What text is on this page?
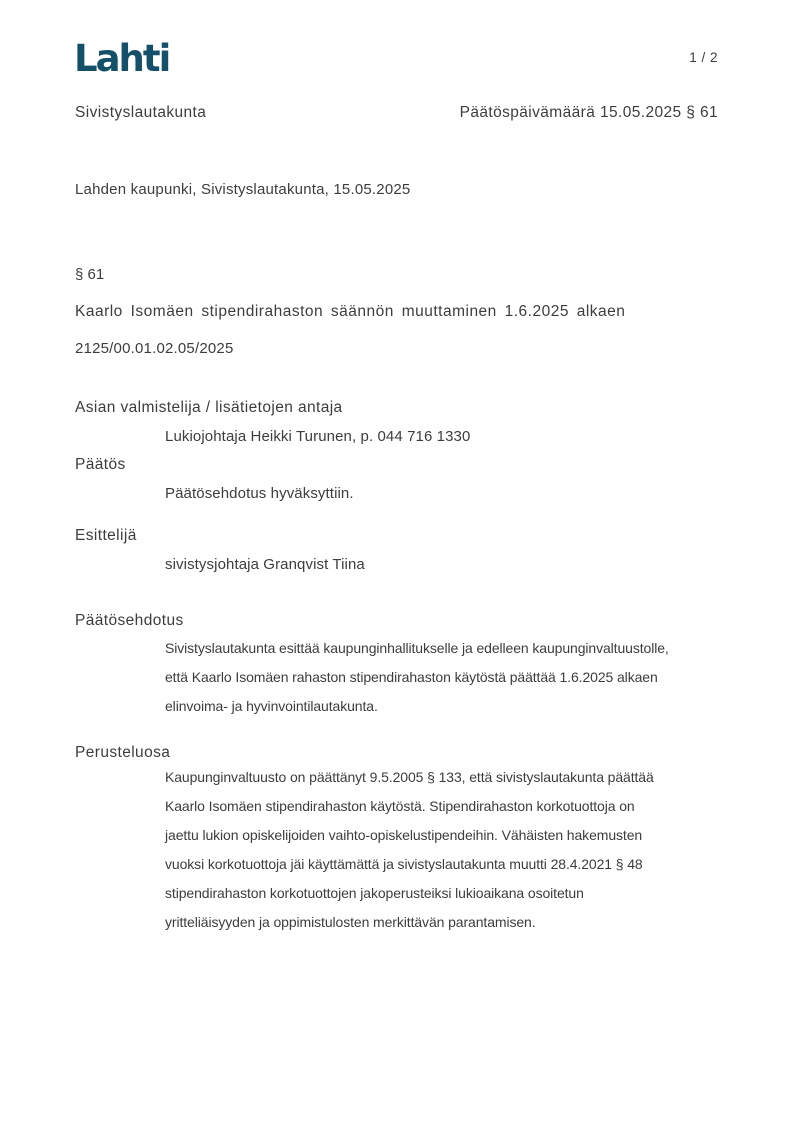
Lahti	1 / 2
Sivistyslautakunta	Päätöspäivämäärä 15.05.2025 § 61
Lahden kaupunki, Sivistyslautakunta, 15.05.2025
§ 61
Kaarlo Isomäen stipendirahaston säännön muuttaminen 1.6.2025 alkaen
2125/00.01.02.05/2025
Asian valmistelija / lisätietojen antaja
Lukiojohtaja Heikki Turunen, p. 044 716 1330
Päätös
Päätösehdotus hyväksyttiin.
Esittelijä
sivistysjohtaja Granqvist Tiina
Päätösehdotus
Sivistyslautakunta esittää kaupunginhallitukselle ja edelleen kaupunginvaltuustolle,
että Kaarlo Isomäen rahaston stipendirahaston käytöstä päättää 1.6.2025 alkaen
elinvoima- ja hyvinvointilautakunta.
Perusteluosa
Kaupunginvaltuusto on päättänyt 9.5.2005 § 133, että sivistyslautakunta päättää
Kaarlo Isomäen stipendirahaston käytöstä. Stipendirahaston korkotuottoja on
jaettu lukion opiskelijoiden vaihto-opiskelustipendeihin. Vähäisten hakemusten
vuoksi korkotuottoja jäi käyttämättä ja sivistyslautakunta muutti 28.4.2021 § 48
stipendirahaston korkotuottojen jakoperusteiksi lukioaikana osoitetun
yritteliäisyyden ja oppimistulosten merkittävän parantamisen.
